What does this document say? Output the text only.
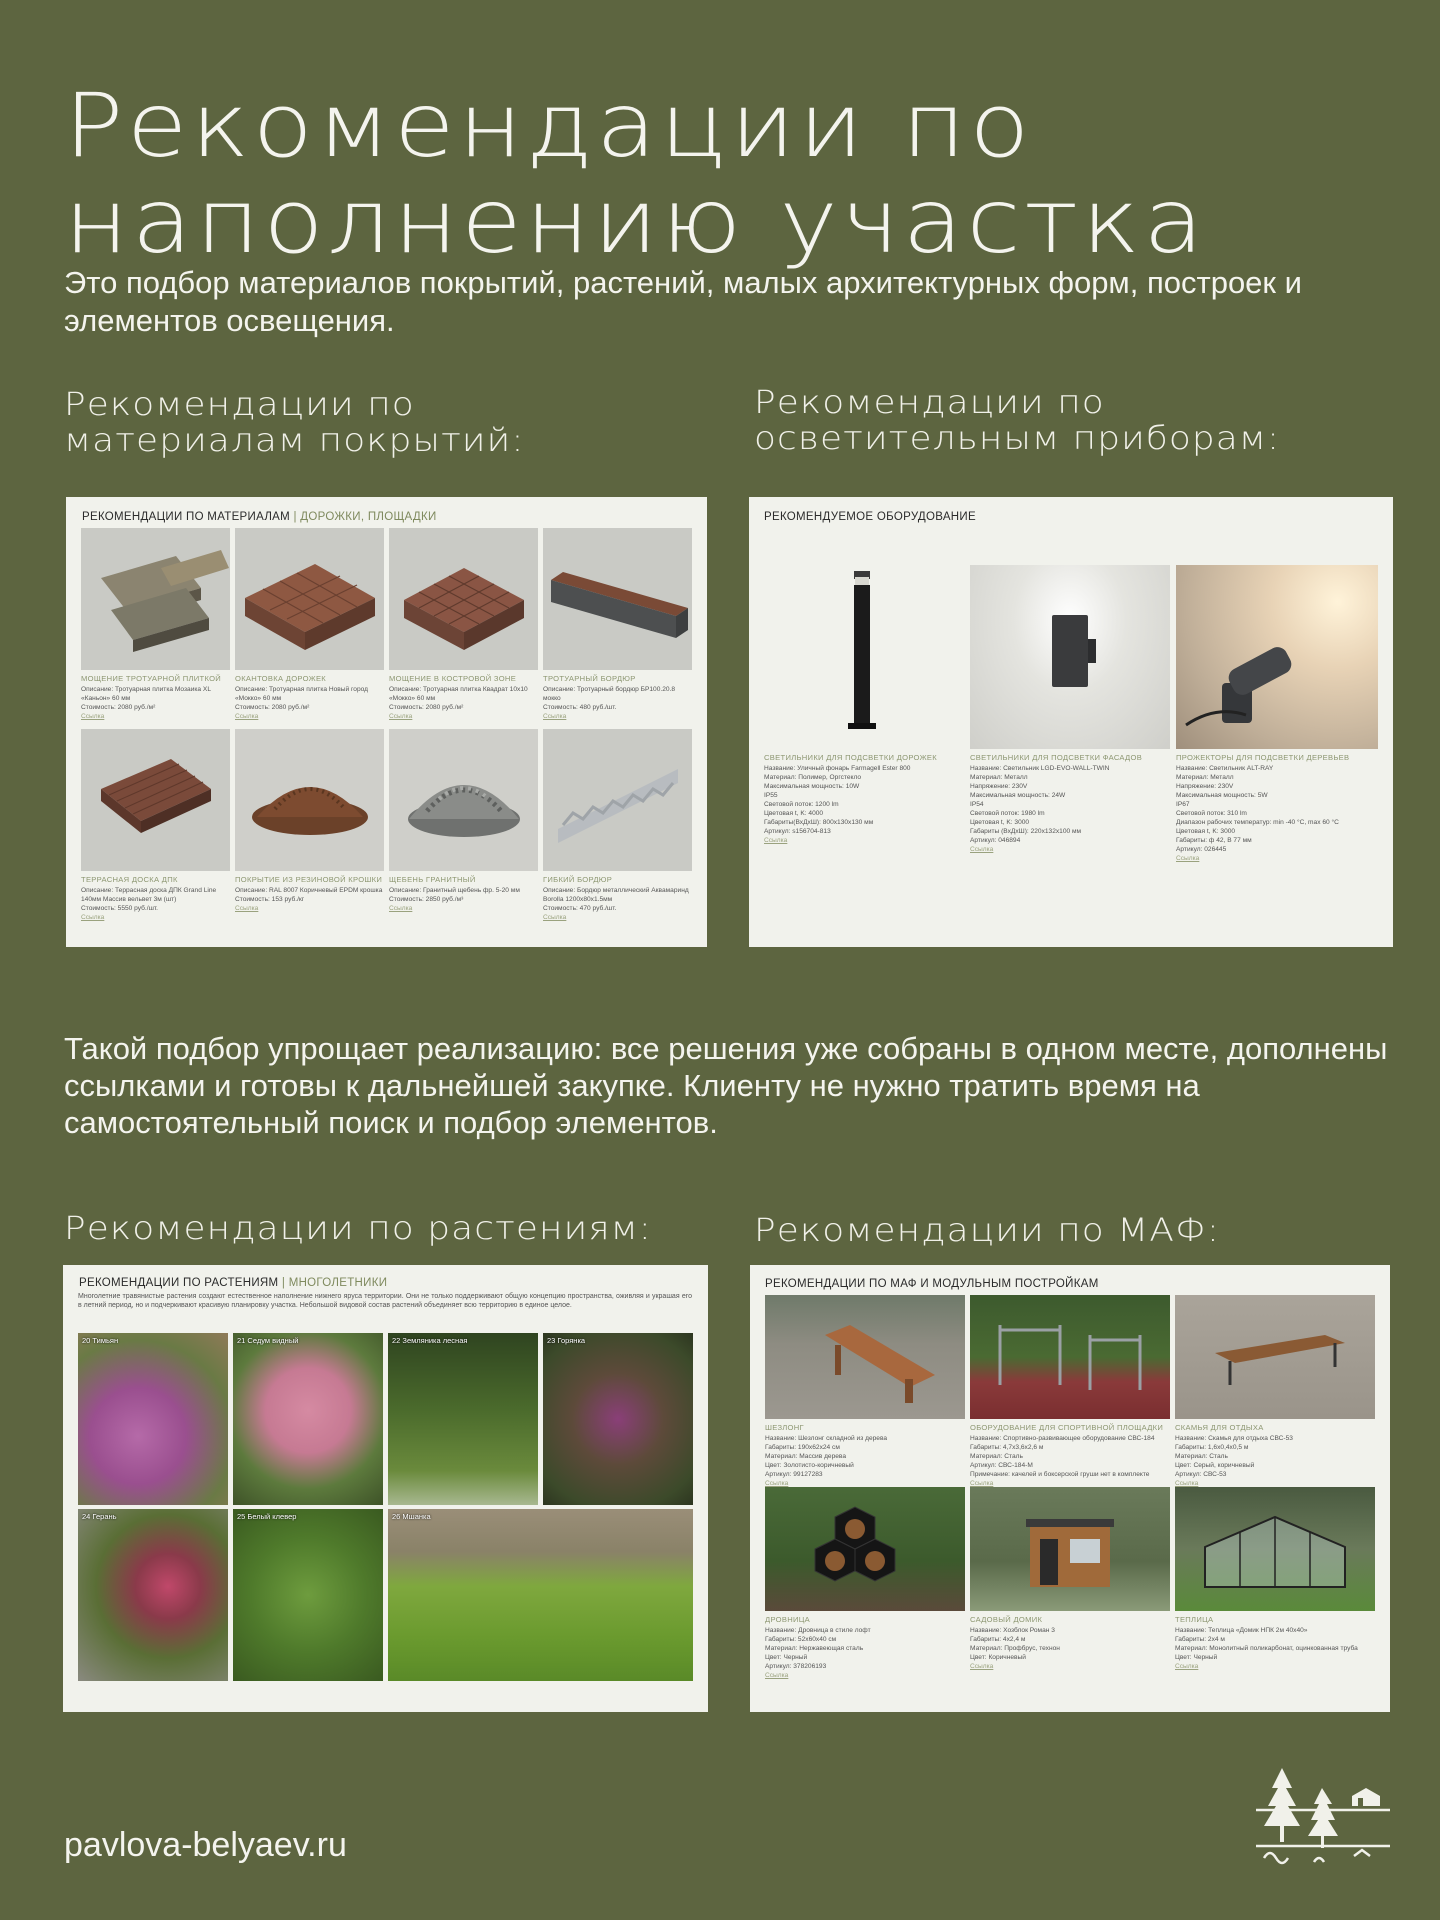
Рекомендации по
наполнению участка
Это подбор материалов покрытий, растений, малых архитектурных форм, построек и элементов освещения.
Рекомендации по
материалам покрытий:
Рекомендации по
осветительным приборам:
РЕКОМЕНДАЦИИ ПО МАТЕРИАЛАМ | ДОРОЖКИ, ПЛОЩАДКИ
МОЩЕНИЕ ТРОТУАРНОЙ ПЛИТКОЙ
Описание: Тротуарная плитка Мозаика XL «Каньон» 60 мм
Стоимость: 2080 руб./м²
Ссылка
ОКАНТОВКА ДОРОЖЕК
Описание: Тротуарная плитка Новый город «Мокко» 60 мм
Стоимость: 2080 руб./м²
Ссылка
МОЩЕНИЕ В КОСТРОВОЙ ЗОНЕ
Описание: Тротуарная плитка Квадрат 10х10 «Мокко» 60 мм
Стоимость: 2080 руб./м²
Ссылка
ТРОТУАРНЫЙ БОРДЮР
Описание: Тротуарный бордюр БР100.20.8 мокко
Стоимость: 480 руб./шт.
Ссылка
ТЕРРАСНАЯ ДОСКА ДПК
Описание: Террасная доска ДПК Grand Line 140мм Массив вельвет 3м (шт)
Стоимость: 5550 руб./шт.
Ссылка
ПОКРЫТИЕ ИЗ РЕЗИНОВОЙ КРОШКИ
Описание: RAL 8007 Коричневый EPDM крошка
Стоимость: 153 руб./кг
Ссылка
ЩЕБЕНЬ ГРАНИТНЫЙ
Описание: Гранитный щебень фр. 5-20 мм
Стоимость: 2850 руб./м³
Ссылка
ГИБКИЙ БОРДЮР
Описание: Бордюр металлический Аквамаринд Borolla 1200х80х1.5мм
Стоимость: 470 руб./шт.
Ссылка
РЕКОМЕНДУЕМОЕ ОБОРУДОВАНИЕ
СВЕТИЛЬНИКИ ДЛЯ ПОДСВЕТКИ ДОРОЖЕК
Название: Уличный фонарь Farmagell Ester 800
Материал: Полимер, Оргстекло
Максимальная мощность: 10W
IP55
Световой поток: 1200 lm
Цветовая t, K: 4000
Габариты(ВхДхШ): 800х130х130 мм
Артикул: s156704-813
Ссылка
СВЕТИЛЬНИКИ ДЛЯ ПОДСВЕТКИ ФАСАДОВ
Название: Светильник LGD-EVO-WALL-TWIN
Материал: Металл
Напряжение: 230V
Максимальная мощность: 24W
IP54
Световой поток: 1980 lm
Цветовая t, K: 3000
Габариты (ВхДхШ): 220х132х100 мм
Артикул: 046894
Ссылка
ПРОЖЕКТОРЫ ДЛЯ ПОДСВЕТКИ ДЕРЕВЬЕВ
Название: Светильник ALT-RAY
Материал: Металл
Напряжение: 230V
Максимальная мощность: 5W
IP67
Световой поток: 310 lm
Диапазон рабочих температур: min -40 °С, max 60 °С
Цветовая t, K: 3000
Габариты: ф 42, В 77 мм
Артикул: 026445
Ссылка
Такой подбор упрощает реализацию: все решения уже собраны в одном месте, дополнены ссылками и готовы к дальнейшей закупке. Клиенту не нужно тратить время на самостоятельный поиск и подбор элементов.
Рекомендации по растениям:	Рекомендации по МАФ:
РЕКОМЕНДАЦИИ ПО РАСТЕНИЯМ | МНОГОЛЕТНИКИ
Многолетние травянистые растения создают естественное наполнение нижнего яруса территории. Они не только поддерживают общую концепцию пространства, оживляя и украшая его в летний период, но и подчеркивают красивую планировку участка. Небольшой видовой состав растений объединяет всю территорию в единое целое.
20 Тимьян	21 Седум видный	22 Земляника лесная	23 Горянка
24 Герань	25 Белый клевер	26 Мшанка
РЕКОМЕНДАЦИИ ПО МАФ И МОДУЛЬНЫМ ПОСТРОЙКАМ
ШЕЗЛОНГ
Название: Шезлонг складной из дерева
Габариты: 190х62х24 см
Материал: Массив дерева
Цвет: Золотисто-коричневый
Артикул: 99127283
Ссылка
ОБОРУДОВАНИЕ ДЛЯ СПОРТИВНОЙ ПЛОЩАДКИ
Название: Спортивно-развивающее оборудование СВС-184
Габариты: 4,7х3,6х2,6 м
Материал: Сталь
Артикул: СВС-184-М
Примечание: качелей и боксерской груши нет в комплекте
Ссылка
СКАМЬЯ ДЛЯ ОТДЫХА
Название: Скамья для отдыха СВС-53
Габариты: 1,6х0,4х0,5 м
Материал: Сталь
Цвет: Серый, коричневый
Артикул: СВС-53
Ссылка
ДРОВНИЦА
Название: Дровница в стиле лофт
Габариты: 52х60х40 см
Материал: Нержавеющая сталь
Цвет: Черный
Артикул: 378206193
Ссылка
САДОВЫЙ ДОМИК
Название: Хозблок Роман 3
Габариты: 4х2,4 м
Материал: Профбрус, технон
Цвет: Коричневый
Ссылка
ТЕПЛИЦА
Название: Теплица «Домик НПК 2м 40х40»
Габариты: 2х4 м
Материал: Монолитный поликарбонат, оцинкованная труба
Цвет: Черный
Ссылка
pavlova-belyaev.ru
